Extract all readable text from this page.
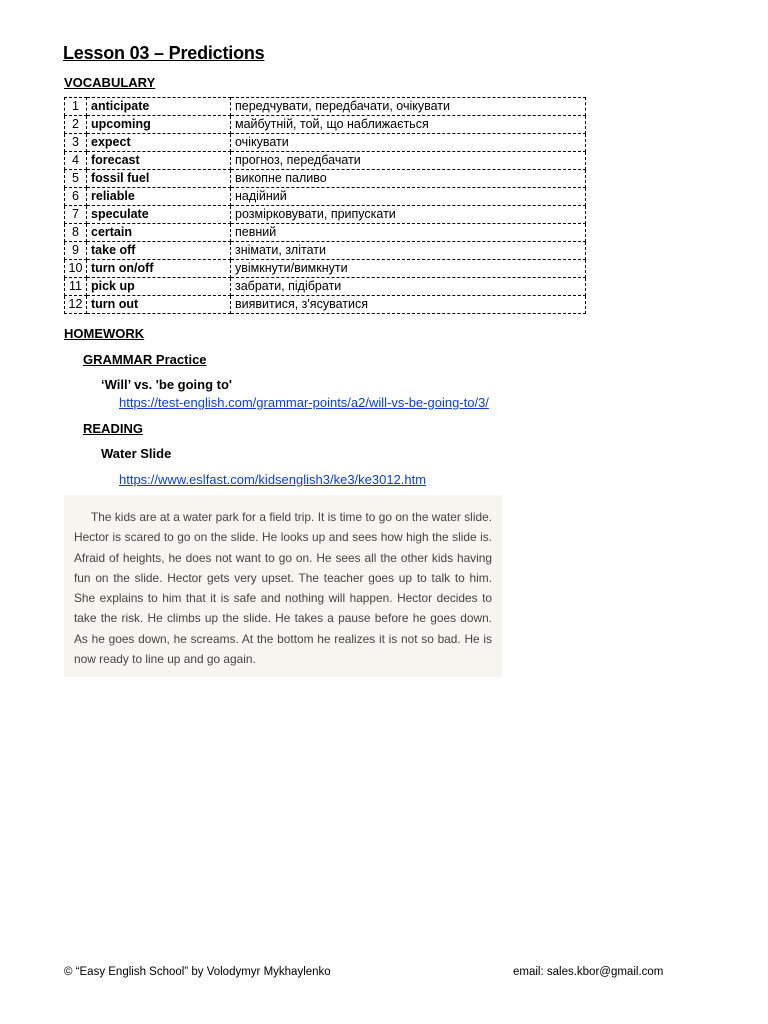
Lesson 03 – Predictions
VOCABULARY
1	anticipate	передчувати, передбачати, очікувати
2	upcoming	майбутній, той, що наближається
3	expect	очікувати
4	forecast	прогноз, передбачати
5	fossil fuel	викопне паливо
6	reliable	надійний
7	speculate	розмірковувати, припускати
8	certain	певний
9	take off	знімати, злітати
10	turn on/off	увімкнути/вимкнути
11	pick up	забрати, підібрати
12	turn out	виявитися, з'ясуватися
HOMEWORK
GRAMMAR Practice
‘Will’ vs. 'be going to'
https://test-english.com/grammar-points/a2/will-vs-be-going-to/3/
READING
Water Slide
https://www.eslfast.com/kidsenglish3/ke3/ke3012.htm

The kids are at a water park for a field trip. It is time to go on the water slide. Hector is scared to go on the slide. He looks up and sees how high the slide is. Afraid of heights, he does not want to go on. He sees all the other kids having fun on the slide. Hector gets very upset. The teacher goes up to talk to him. She explains to him that it is safe and nothing will happen. Hector decides to take the risk. He climbs up the slide. He takes a pause before he goes down. As he goes down, he screams. At the bottom he realizes it is not so bad. He is now ready to line up and go again.

© “Easy English School” by Volodymyr Mykhaylenko	email: sales.kbor@gmail.com
